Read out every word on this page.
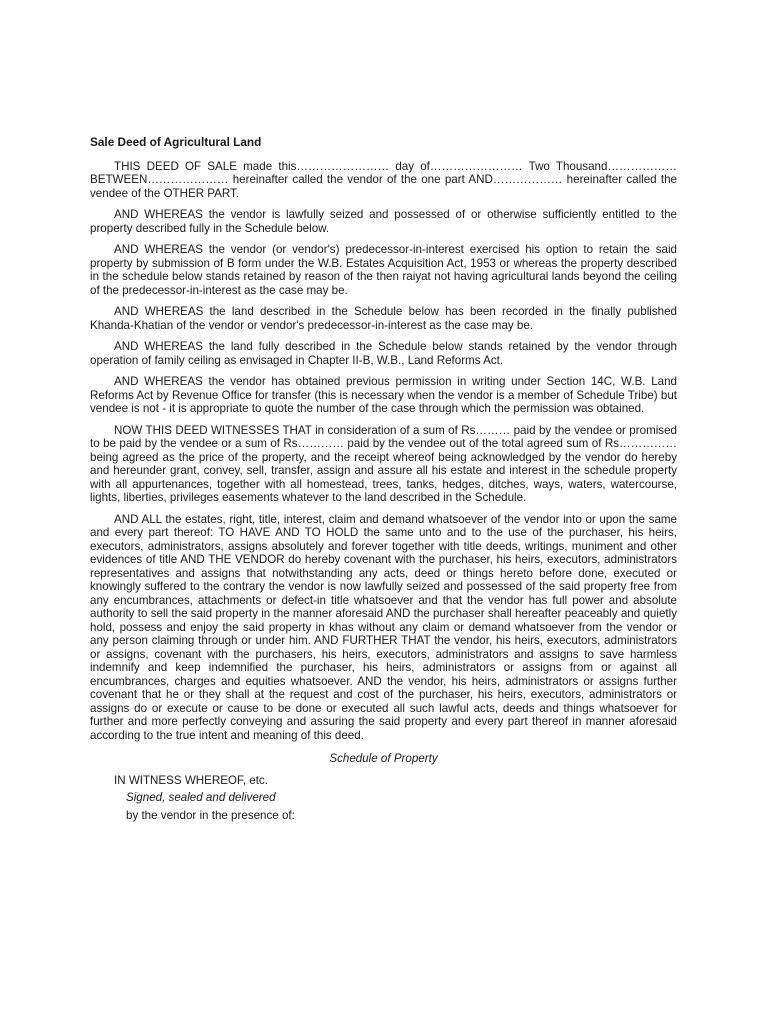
Sale Deed of Agricultural Land

THIS DEED OF SALE made this…………………… day of…………………… Two Thousand……………… BETWEEN………………… hereinafter called the vendor of the one part AND……………… hereinafter called the vendee of the OTHER PART.

AND WHEREAS the vendor is lawfully seized and possessed of or otherwise sufficiently entitled to the property described fully in the Schedule below.

AND WHEREAS the vendor (or vendor's) predecessor-in-interest exercised his option to retain the said property by submission of B form under the W.B. Estates Acquisition Act, 1953 or whereas the property described in the schedule below stands retained by reason of the then raiyat not having agricultural lands beyond the ceiling of the predecessor-in-interest as the case may be.

AND WHEREAS the land described in the Schedule below has been recorded in the finally published Khanda-Khatian of the vendor or vendor's predecessor-in-interest as the case may be.

AND WHEREAS the land fully described in the Schedule below stands retained by the vendor through operation of family ceiling as envisaged in Chapter II-B, W.B., Land Reforms Act.

AND WHEREAS the vendor has obtained previous permission in writing under Section 14C, W.B. Land Reforms Act by Revenue Office for transfer (this is necessary when the vendor is a member of Schedule Tribe) but vendee is not - it is appropriate to quote the number of the case through which the permission was obtained.

NOW THIS DEED WITNESSES THAT in consideration of a sum of Rs……… paid by the vendee or promised to be paid by the vendee or a sum of Rs………… paid by the vendee out of the total agreed sum of Rs…………… being agreed as the price of the property, and the receipt whereof being acknowledged by the vendor do hereby and hereunder grant, convey, sell, transfer, assign and assure all his estate and interest in the schedule property with all appurtenances, together with all homestead, trees, tanks, hedges, ditches, ways, waters, watercourse, lights, liberties, privileges easements whatever to the land described in the Schedule.

AND ALL the estates, right, title, interest, claim and demand whatsoever of the vendor into or upon the same and every part thereof: TO HAVE AND TO HOLD the same unto and to the use of the purchaser, his heirs, executors, administrators, assigns absolutely and forever together with title deeds, writings, muniment and other evidences of title AND THE VENDOR do hereby covenant with the purchaser, his heirs, executors, administrators representatives and assigns that notwithstanding any acts, deed or things hereto before done, executed or knowingly suffered to the contrary the vendor is now lawfully seized and possessed of the said property free from any encumbrances, attachments or defect-in title whatsoever and that the vendor has full power and absolute authority to sell the said property in the manner aforesaid AND the purchaser shall hereafter peaceably and quietly hold, possess and enjoy the said property in khas without any claim or demand whatsoever from the vendor or any person claiming through or under him. AND FURTHER THAT the vendor, his heirs, executors, administrators or assigns, covenant with the purchasers, his heirs, executors, administrators and assigns to save harmless indemnify and keep indemnified the purchaser, his heirs, administrators or assigns from or against all encumbrances, charges and equities whatsoever. AND the vendor, his heirs, administrators or assigns further covenant that he or they shall at the request and cost of the purchaser, his heirs, executors, administrators or assigns do or execute or cause to be done or executed all such lawful acts, deeds and things whatsoever for further and more perfectly conveying and assuring the said property and every part thereof in manner aforesaid according to the true intent and meaning of this deed.

Schedule of Property
IN WITNESS WHEREOF, etc.
Signed, sealed and delivered
by the vendor in the presence of:
